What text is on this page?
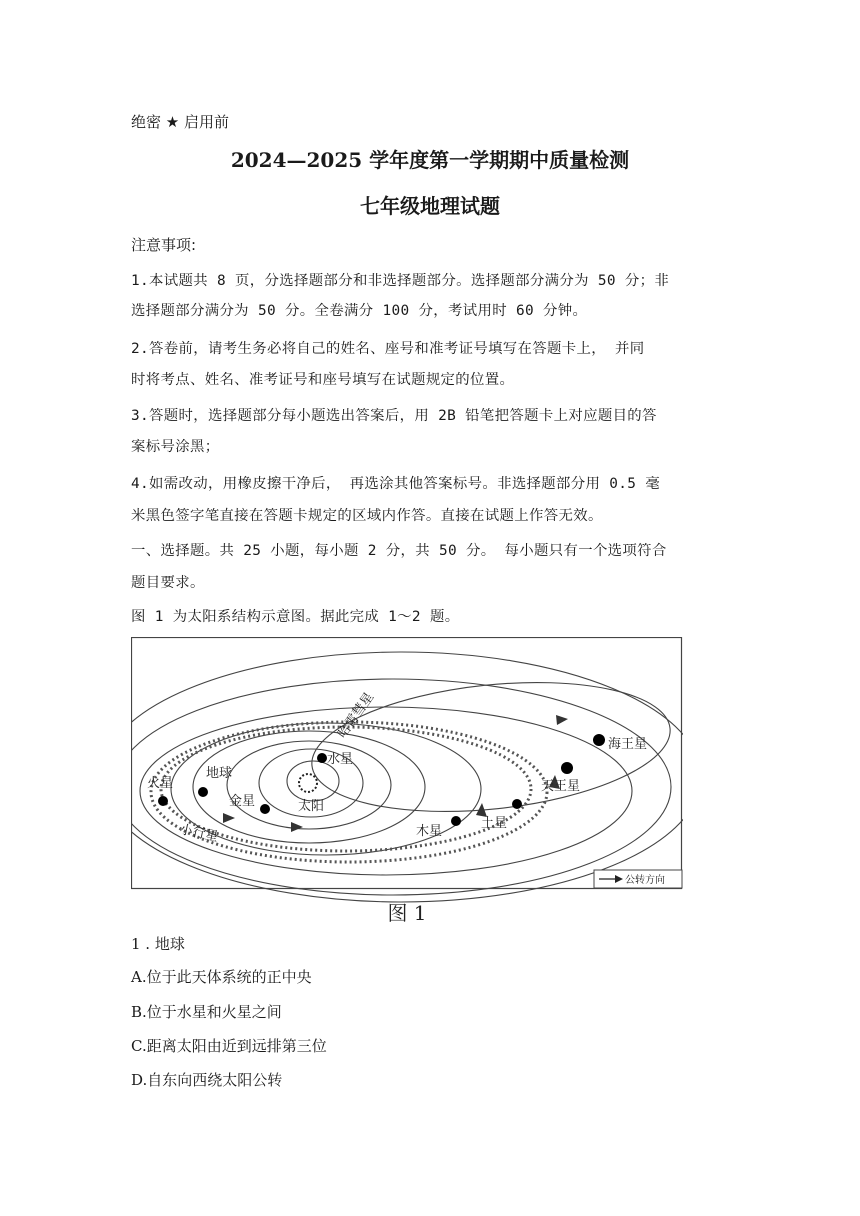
绝密 ★ 启用前
2024—2025 学年度第一学期期中质量检测
七年级地理试题
注意事项:
1.本试题共 8 页，分选择题部分和非选择题部分。选择题部分满分为 50 分；非
选择题部分满分为 50 分。全卷满分 100 分，考试用时 60 分钟。
2.答卷前，请考生务必将自己的姓名、座号和准考证号填写在答题卡上， 并同
时将考点、姓名、准考证号和座号填写在试题规定的位置。
3.答题时，选择题部分每小题选出答案后，用 2B 铅笔把答题卡上对应题目的答
案标号涂黑；
4.如需改动，用橡皮擦干净后， 再选涂其他答案标号。非选择题部分用 0.5 毫
米黑色签字笔直接在答题卡规定的区域内作答。直接在试题上作答无效。
一、选择题。共 25 小题，每小题 2 分，共 50 分。 每小题只有一个选项符合
题目要求。
图 1 为太阳系结构示意图。据此完成 1～2 题。
太阳
水星
金星
地球
火星
木星
土星
天王星
海王星
小行星
哈雷彗星
公转方向
图 1
1 . 地球
A.位于此天体系统的正中央
B.位于水星和火星之间
C.距离太阳由近到远排第三位
D.自东向西绕太阳公转
